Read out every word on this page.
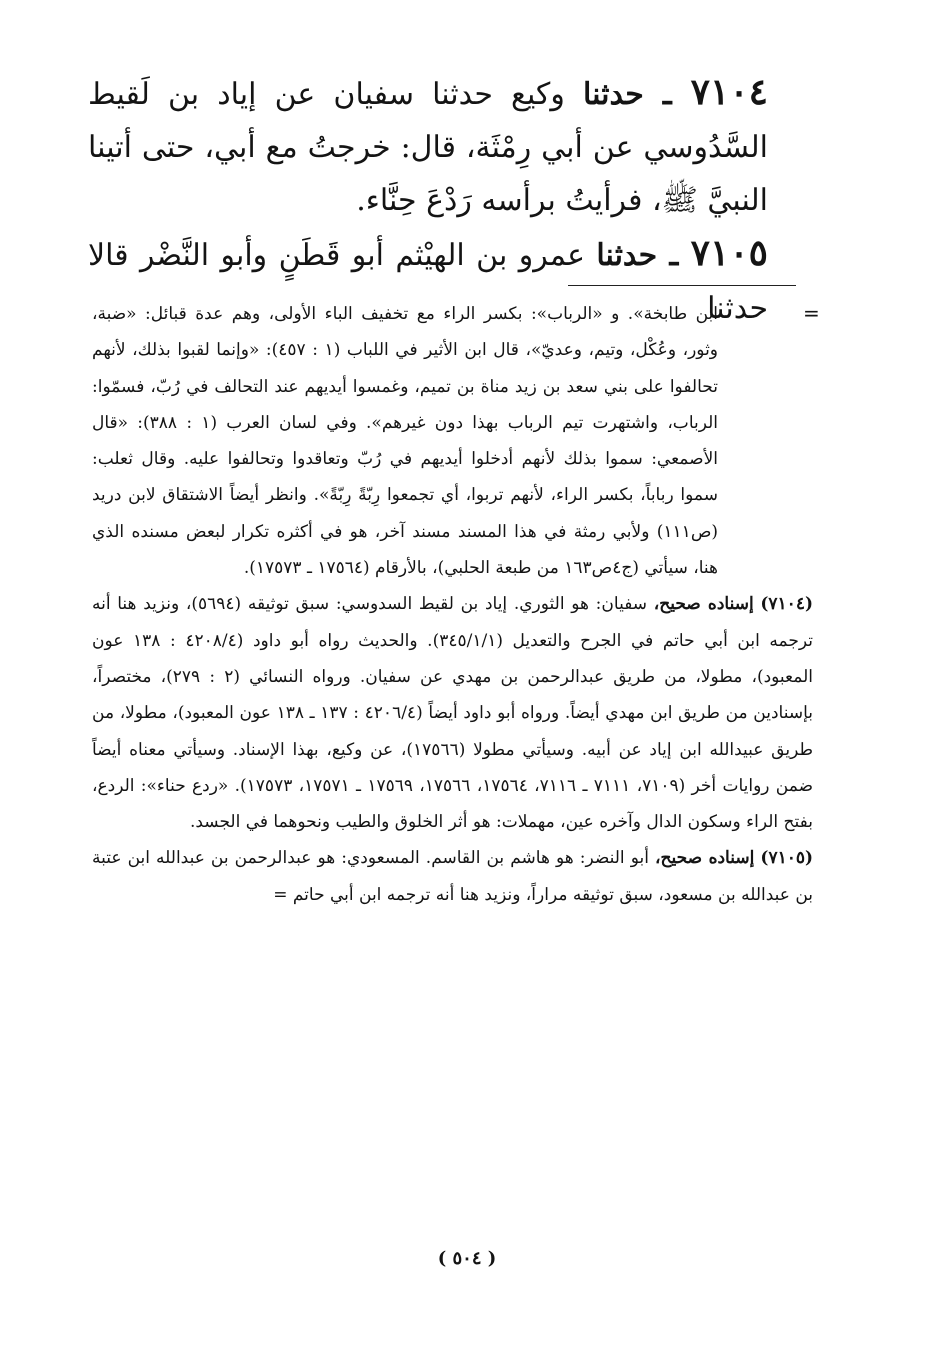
٧١٠٤ ـ حدثنا وكيع حدثنا سفيان عن إياد بن لَقيط السَّدُوسي عن أبي رِمْثَة، قال: خرجتُ مع أبي، حتى أتينا النبيَّ ﷺ، فرأيتُ برأسه رَدْعَ حِنَّاء.

٧١٠٥ ـ حدثنا عمرو بن الهيْثم أبو قَطَنٍ وأبو النَّضْر قالا حدثنا =

ابن طابخة». و «الرباب»: بكسر الراء مع تخفيف الباء الأولى، وهم عدة قبائل: «ضبة، وثور، وعُكْل، وتيم، وعديّ»، قال ابن الأثير في اللباب (١ : ٤٥٧): «وإنما لقبوا بذلك، لأنهم تحالفوا على بني سعد بن زيد مناة بن تميم، وغمسوا أيديهم عند التحالف في رُبّ، فسمّوا: الرباب، واشتهرت تيم الرباب بهذا دون غيرهم». وفي لسان العرب (١ : ٣٨٨): «قال الأصمعي: سموا بذلك لأنهم أدخلوا أيديهم في رُبّ وتعاقدوا وتحالفوا عليه. وقال ثعلب: سموا رباباً، بكسر الراء، لأنهم تربوا، أي تجمعوا رِبّةً رِبّةً». وانظر أيضاً الاشتقاق لابن دريد (ص١١١) ولأبي رمثة في هذا المسند مسند آخر، هو في أكثره تكرار لبعض مسنده الذي هنا، سيأتي (ج٤ص١٦٣ من طبعة الحلبي)، بالأرقام (١٧٥٦٤ ـ ١٧٥٧٣).

(٧١٠٤) إسناده صحيح، سفيان: هو الثوري. إياد بن لقيط السدوسي: سبق توثيقه (٥٦٩٤)، ونزيد هنا أنه ترجمه ابن أبي حاتم في الجرح والتعديل (٣٤٥/١/١). والحديث رواه أبو داود (٤٢٠٨/٤ : ١٣٨ عون المعبود)، مطولا، من طريق عبدالرحمن بن مهدي عن سفيان. ورواه النسائي (٢ : ٢٧٩)، مختصراً، بإسنادين من طريق ابن مهدي أيضاً. ورواه أبو داود أيضاً (٤٢٠٦/٤ : ١٣٧ ـ ١٣٨ عون المعبود)، مطولا، من طريق عبيدالله ابن إياد عن أبيه. وسيأتي مطولا (١٧٥٦٦)، عن وكيع، بهذا الإسناد. وسيأتي معناه أيضاً ضمن روايات أخر (٧١٠٩، ٧١١١ ـ ٧١١٦، ١٧٥٦٤، ١٧٥٦٦، ١٧٥٦٩ ـ ١٧٥٧١، ١٧٥٧٣). «ردع حناء»: الردع، بفتح الراء وسكون الدال وآخره عين، مهملات: هو أثر الخلوق والطيب ونحوهما في الجسد.

(٧١٠٥) إسناده صحيح، أبو النضر: هو هاشم بن القاسم. المسعودي: هو عبدالرحمن بن عبدالله ابن عتبة بن عبدالله بن مسعود، سبق توثيقه مراراً، ونزيد هنا أنه ترجمه ابن أبي حاتم =

( ٥٠٤ )
